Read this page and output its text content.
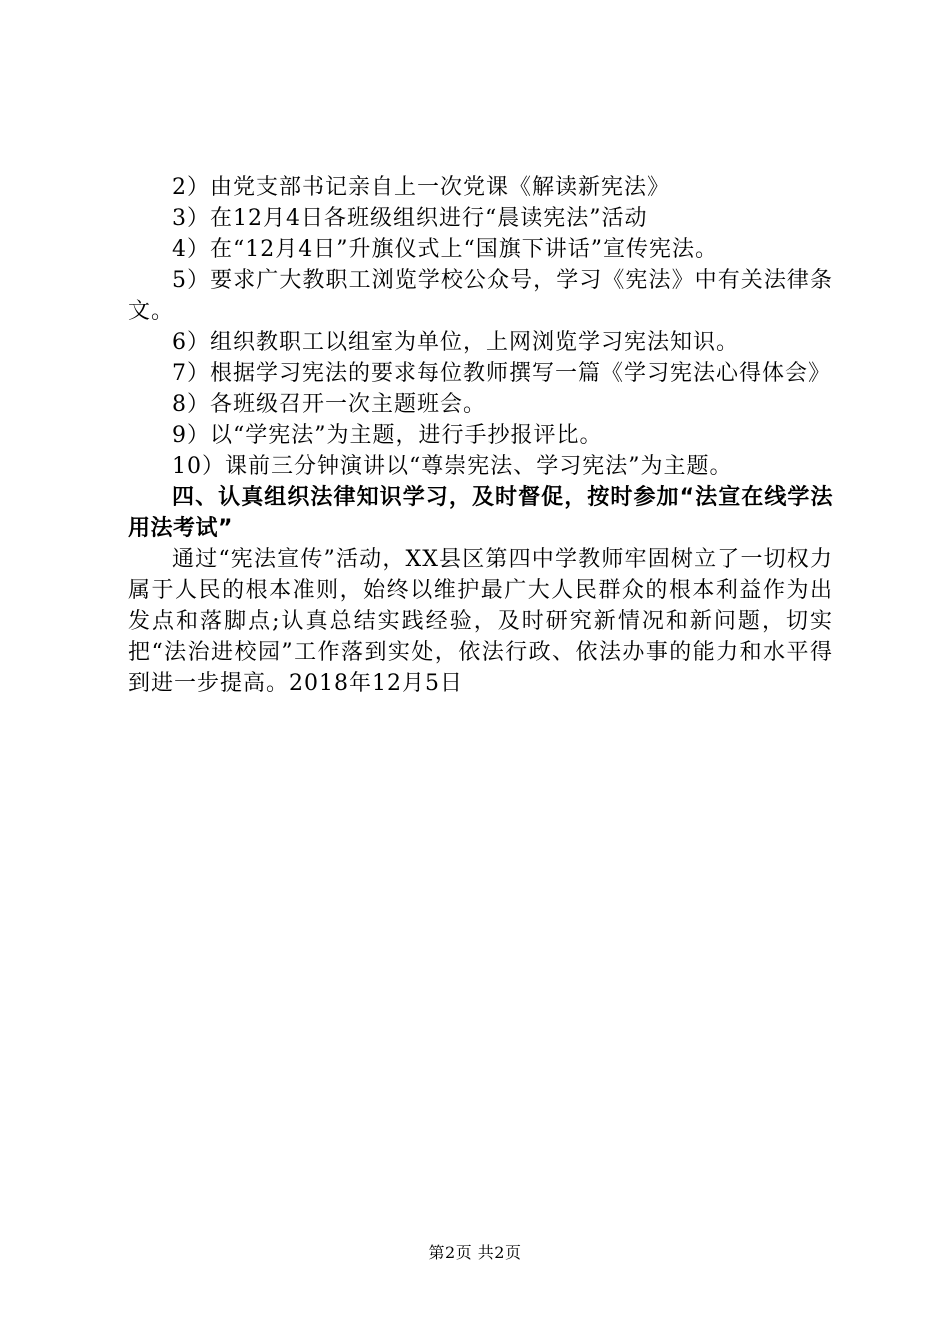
2）由党支部书记亲自上一次党课《解读新宪法》

3）在12月4日各班级组织进行“晨读宪法”活动

4）在“12月4日”升旗仪式上“国旗下讲话”宣传宪法。

5）要求广大教职工浏览学校公众号，学习《宪法》中有关法律条文。

6）组织教职工以组室为单位，上网浏览学习宪法知识。

7）根据学习宪法的要求每位教师撰写一篇《学习宪法心得体会》

8）各班级召开一次主题班会。

9）以“学宪法”为主题，进行手抄报评比。

10）课前三分钟演讲以“尊崇宪法、学习宪法”为主题。

四、认真组织法律知识学习，及时督促，按时参加“法宣在线学法用法考试”

通过“宪法宣传”活动，XX县区第四中学教师牢固树立了一切权力属于人民的根本准则，始终以维护最广大人民群众的根本利益作为出发点和落脚点;认真总结实践经验，及时研究新情况和新问题，切实把“法治进校园”工作落到实处，依法行政、依法办事的能力和水平得到进一步提高。2018年12月5日

第2页 共2页
